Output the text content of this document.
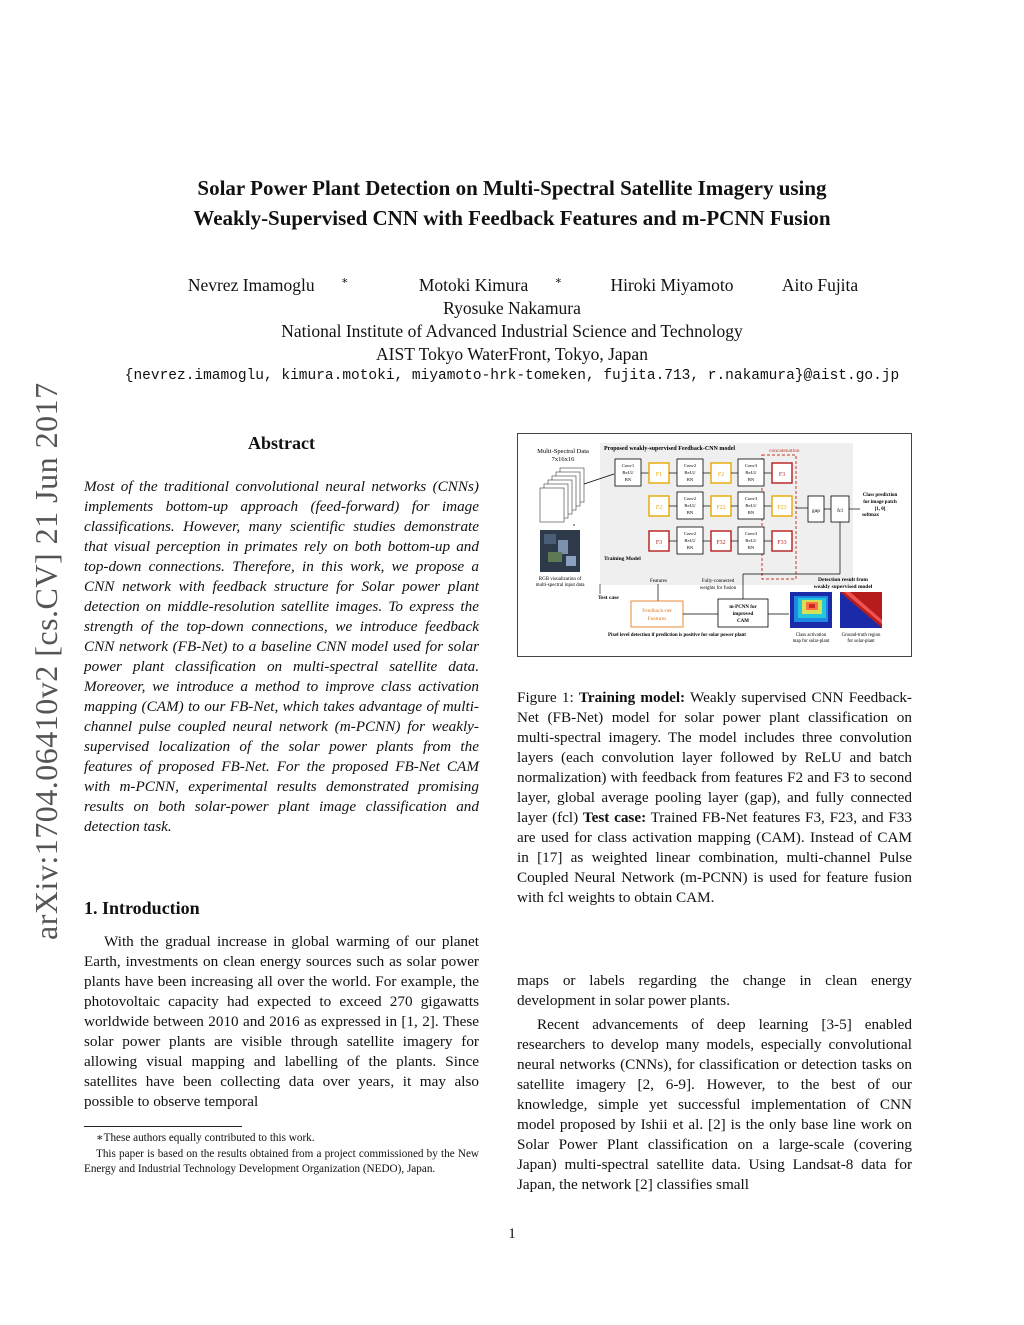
arXiv:1704.06410v2 [cs.CV] 21 Jun 2017
Solar Power Plant Detection on Multi-Spectral Satellite Imagery using
Weakly-Supervised CNN with Feedback Features and m-PCNN Fusion
Nevrez Imamoglu ∗	Motoki Kimura ∗	Hiroki Miyamoto	Aito Fujita
Ryosuke Nakamura
National Institute of Advanced Industrial Science and Technology
AIST Tokyo WaterFront, Tokyo, Japan
{nevrez.imamoglu, kimura.motoki, miyamoto-hrk-tomeken, fujita.713, r.nakamura}@aist.go.jp
Abstract
Most of the traditional convolutional neural networks (CNNs) implements bottom-up approach (feed-forward) for image classifications. However, many scientific studies demonstrate that visual perception in primates rely on both bottom-up and top-down connections. Therefore, in this work, we propose a CNN network with feedback structure for Solar power plant detection on middle-resolution satellite images. To express the strength of the top-down connections, we introduce feedback CNN network (FB-Net) to a baseline CNN model used for solar power plant classification on multi-spectral satellite data. Moreover, we introduce a method to improve class activation mapping (CAM) to our FB-Net, which takes advantage of multi-channel pulse coupled neural network (m-PCNN) for weakly-supervised localization of the solar power plants from the features of proposed FB-Net. For the proposed FB-Net CAM with m-PCNN, experimental results demonstrated promising results on both solar-power plant image classification and detection task.
1. Introduction

With the gradual increase in global warming of our planet Earth, investments on clean energy sources such as solar power plants have been increasing all over the world. For example, the photovoltaic capacity had expected to exceed 270 gigawatts worldwide between 2010 and 2016 as expressed in [1, 2]. These solar power plants are visible through satellite imagery for allowing visual mapping and labelling of the plants. Since satellites have been collecting data over years, it may also possible to observe temporal

∗These authors equally contributed to this work.

This paper is based on the results obtained from a project commissioned by the New Energy and Industrial Technology Development Organization (NEDO), Japan.

Proposed weakly-supervised Feedback-CNN model	concatenation
Multi-Spectral Data
7x16x16
RGB visualization of
multi-spectral input data
Conv1
ReLU
BN
F1
Conv2
ReLU
BN
F2
Conv3
ReLU
BN
F3
F2
Conv2
ReLU
BN
F22
Conv3
ReLU
BN
F23
F3
Conv2
ReLU
BN
F32
Conv3
ReLU
BN
F33
gap	fcl
Class prediction
for image patch
[1, 0]
softmax
Training Model
Test case
Features	Fully-connected
weights for fusion
Feedback-net
Features
m-PCNN for
improved
CAM
Pixel level detection if prediction is positive for solar power plant
Detection result from
weakly supervised model
Class activation
map for solar-plant
Ground-truth region
for solar-plant
Figure 1: Training model: Weakly supervised CNN Feedback-Net (FB-Net) model for solar power plant classification on multi-spectral imagery. The model includes three convolution layers (each convolution layer followed by ReLU and batch normalization) with feedback from features F2 and F3 to second layer, global average pooling layer (gap), and fully connected layer (fcl) Test case: Trained FB-Net features F3, F23, and F33 are used for class activation mapping (CAM). Instead of CAM in [17] as weighted linear combination, multi-channel Pulse Coupled Neural Network (m-PCNN) is used for feature fusion with fcl weights to obtain CAM.

maps or labels regarding the change in clean energy development in solar power plants.

Recent advancements of deep learning [3-5] enabled researchers to develop many models, especially convolutional neural networks (CNNs), for classification or detection tasks on satellite imagery [2, 6-9]. However, to the best of our knowledge, simple yet successful implementation of CNN model proposed by Ishii et al. [2] is the only base line work on Solar Power Plant classification on a large-scale (covering Japan) multi-spectral satellite data. Using Landsat-8 data for Japan, the network [2] classifies small

1
